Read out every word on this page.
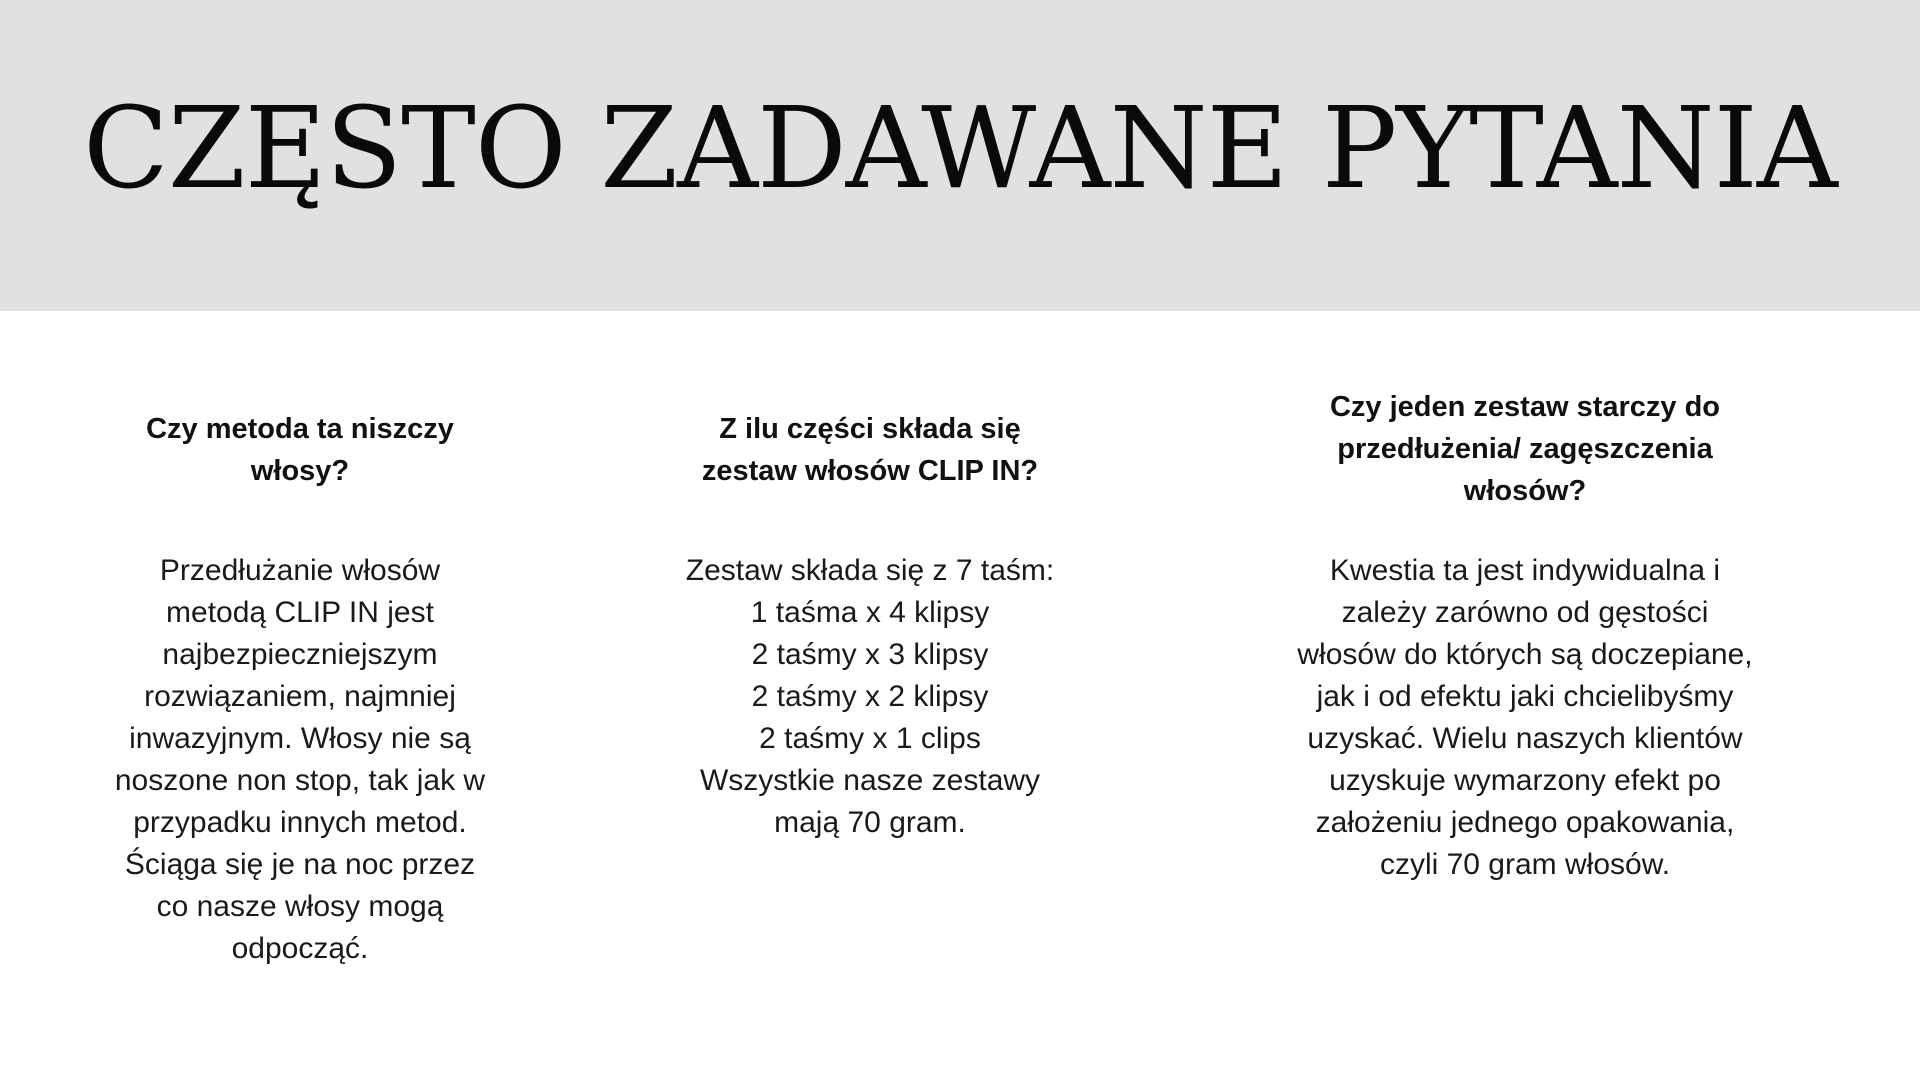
CZĘSTO ZADAWANE PYTANIA

Czy metoda ta niszczy
włosy?

Przedłużanie włosów
metodą CLIP IN jest
najbezpieczniejszym
rozwiązaniem, najmniej
inwazyjnym. Włosy nie są
noszone non stop, tak jak w
przypadku innych metod.
Ściąga się je na noc przez
co nasze włosy mogą
odpocząć.

Z ilu części składa się
zestaw włosów CLIP IN?

Zestaw składa się z 7 taśm:
1 taśma x 4 klipsy
2 taśmy x 3 klipsy
2 taśmy x 2 klipsy
2 taśmy x 1 clips
Wszystkie nasze zestawy
mają 70 gram.

Czy jeden zestaw starczy do
przedłużenia/ zagęszczenia
włosów?

Kwestia ta jest indywidualna i
zależy zarówno od gęstości
włosów do których są doczepiane,
jak i od efektu jaki chcielibyśmy
uzyskać. Wielu naszych klientów
uzyskuje wymarzony efekt po
założeniu jednego opakowania,
czyli 70 gram włosów.
